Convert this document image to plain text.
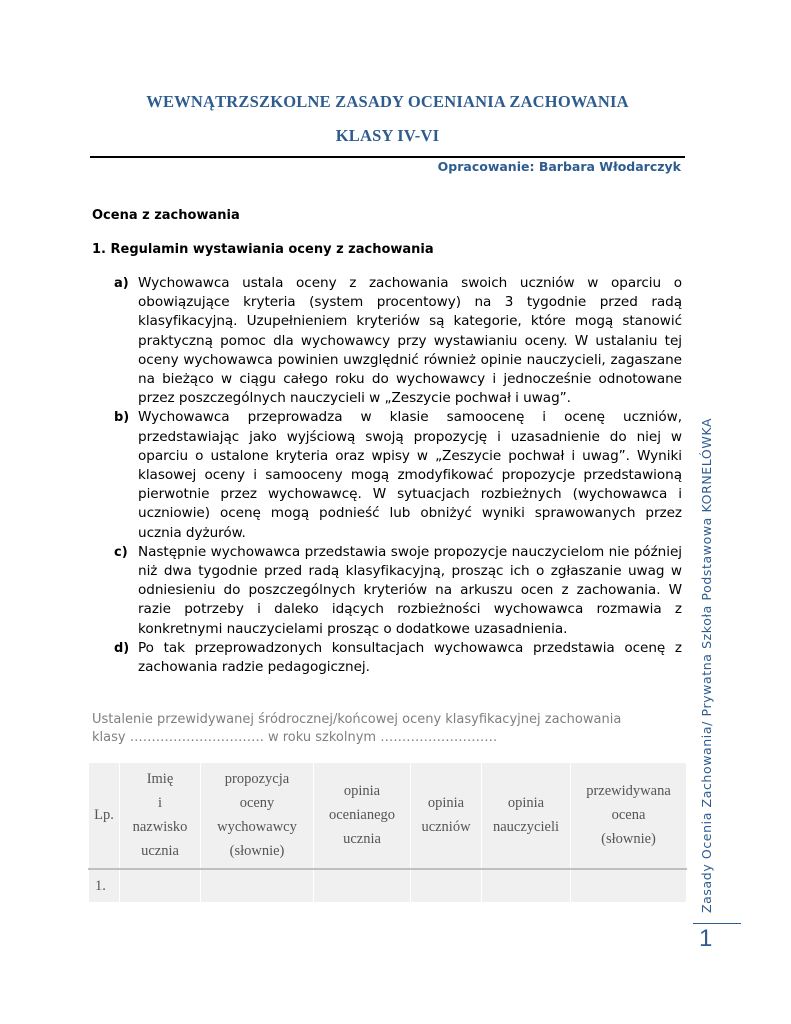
WEWNĄTRZSZKOLNE ZASADY OCENIANIA ZACHOWANIA
KLASY IV-VI
Opracowanie: Barbara Włodarczyk
Ocena z zachowania
1. Regulamin wystawiania oceny z zachowania
a) Wychowawca ustala oceny z zachowania swoich uczniów w oparciu o obowiązujące kryteria (system procentowy) na 3 tygodnie przed radą klasyfikacyjną. Uzupełnieniem kryteriów są kategorie, które mogą stanowić praktyczną pomoc dla wychowawcy przy wystawianiu oceny. W ustalaniu tej oceny wychowawca powinien uwzględnić również opinie nauczycieli, zagaszane na bieżąco w ciągu całego roku do wychowawcy i jednocześnie odnotowane przez poszczególnych nauczycieli w „Zeszycie pochwał i uwag”.
b) Wychowawca przeprowadza w klasie samoocenę i ocenę uczniów, przedstawiając jako wyjściową swoją propozycję i uzasadnienie do niej w oparciu o ustalone kryteria oraz wpisy w „Zeszycie pochwał i uwag”. Wyniki klasowej oceny i samooceny mogą zmodyfikować propozycje przedstawioną pierwotnie przez wychowawcę. W sytuacjach rozbieżnych (wychowawca i uczniowie) ocenę mogą podnieść lub obniżyć wyniki sprawowanych przez ucznia dyżurów.
c) Następnie wychowawca przedstawia swoje propozycje nauczycielom nie później niż dwa tygodnie przed radą klasyfikacyjną, prosząc ich o zgłaszanie uwag w odniesieniu do poszczególnych kryteriów na arkuszu ocen z zachowania. W razie potrzeby i daleko idących rozbieżności wychowawca rozmawia z konkretnymi nauczycielami prosząc o dodatkowe uzasadnienia.
d) Po tak przeprowadzonych konsultacjach wychowawca przedstawia ocenę z zachowania radzie pedagogicznej.
Ustalenie przewidywanej śródrocznej/końcowej oceny klasyfikacyjnej zachowania
klasy …………………………. w roku szkolnym ………………………
Lp.	Imię
i
nazwisko
ucznia	propozycja
oceny
wychowawcy
(słownie)	opinia
ocenianego
ucznia	opinia
uczniów	opinia
nauczycieli	przewidywana
ocena
(słownie)
1.							Zasady Ocenia Zachowania/ Prywatna Szkoła Podstawowa KORNELÓWKA
1
